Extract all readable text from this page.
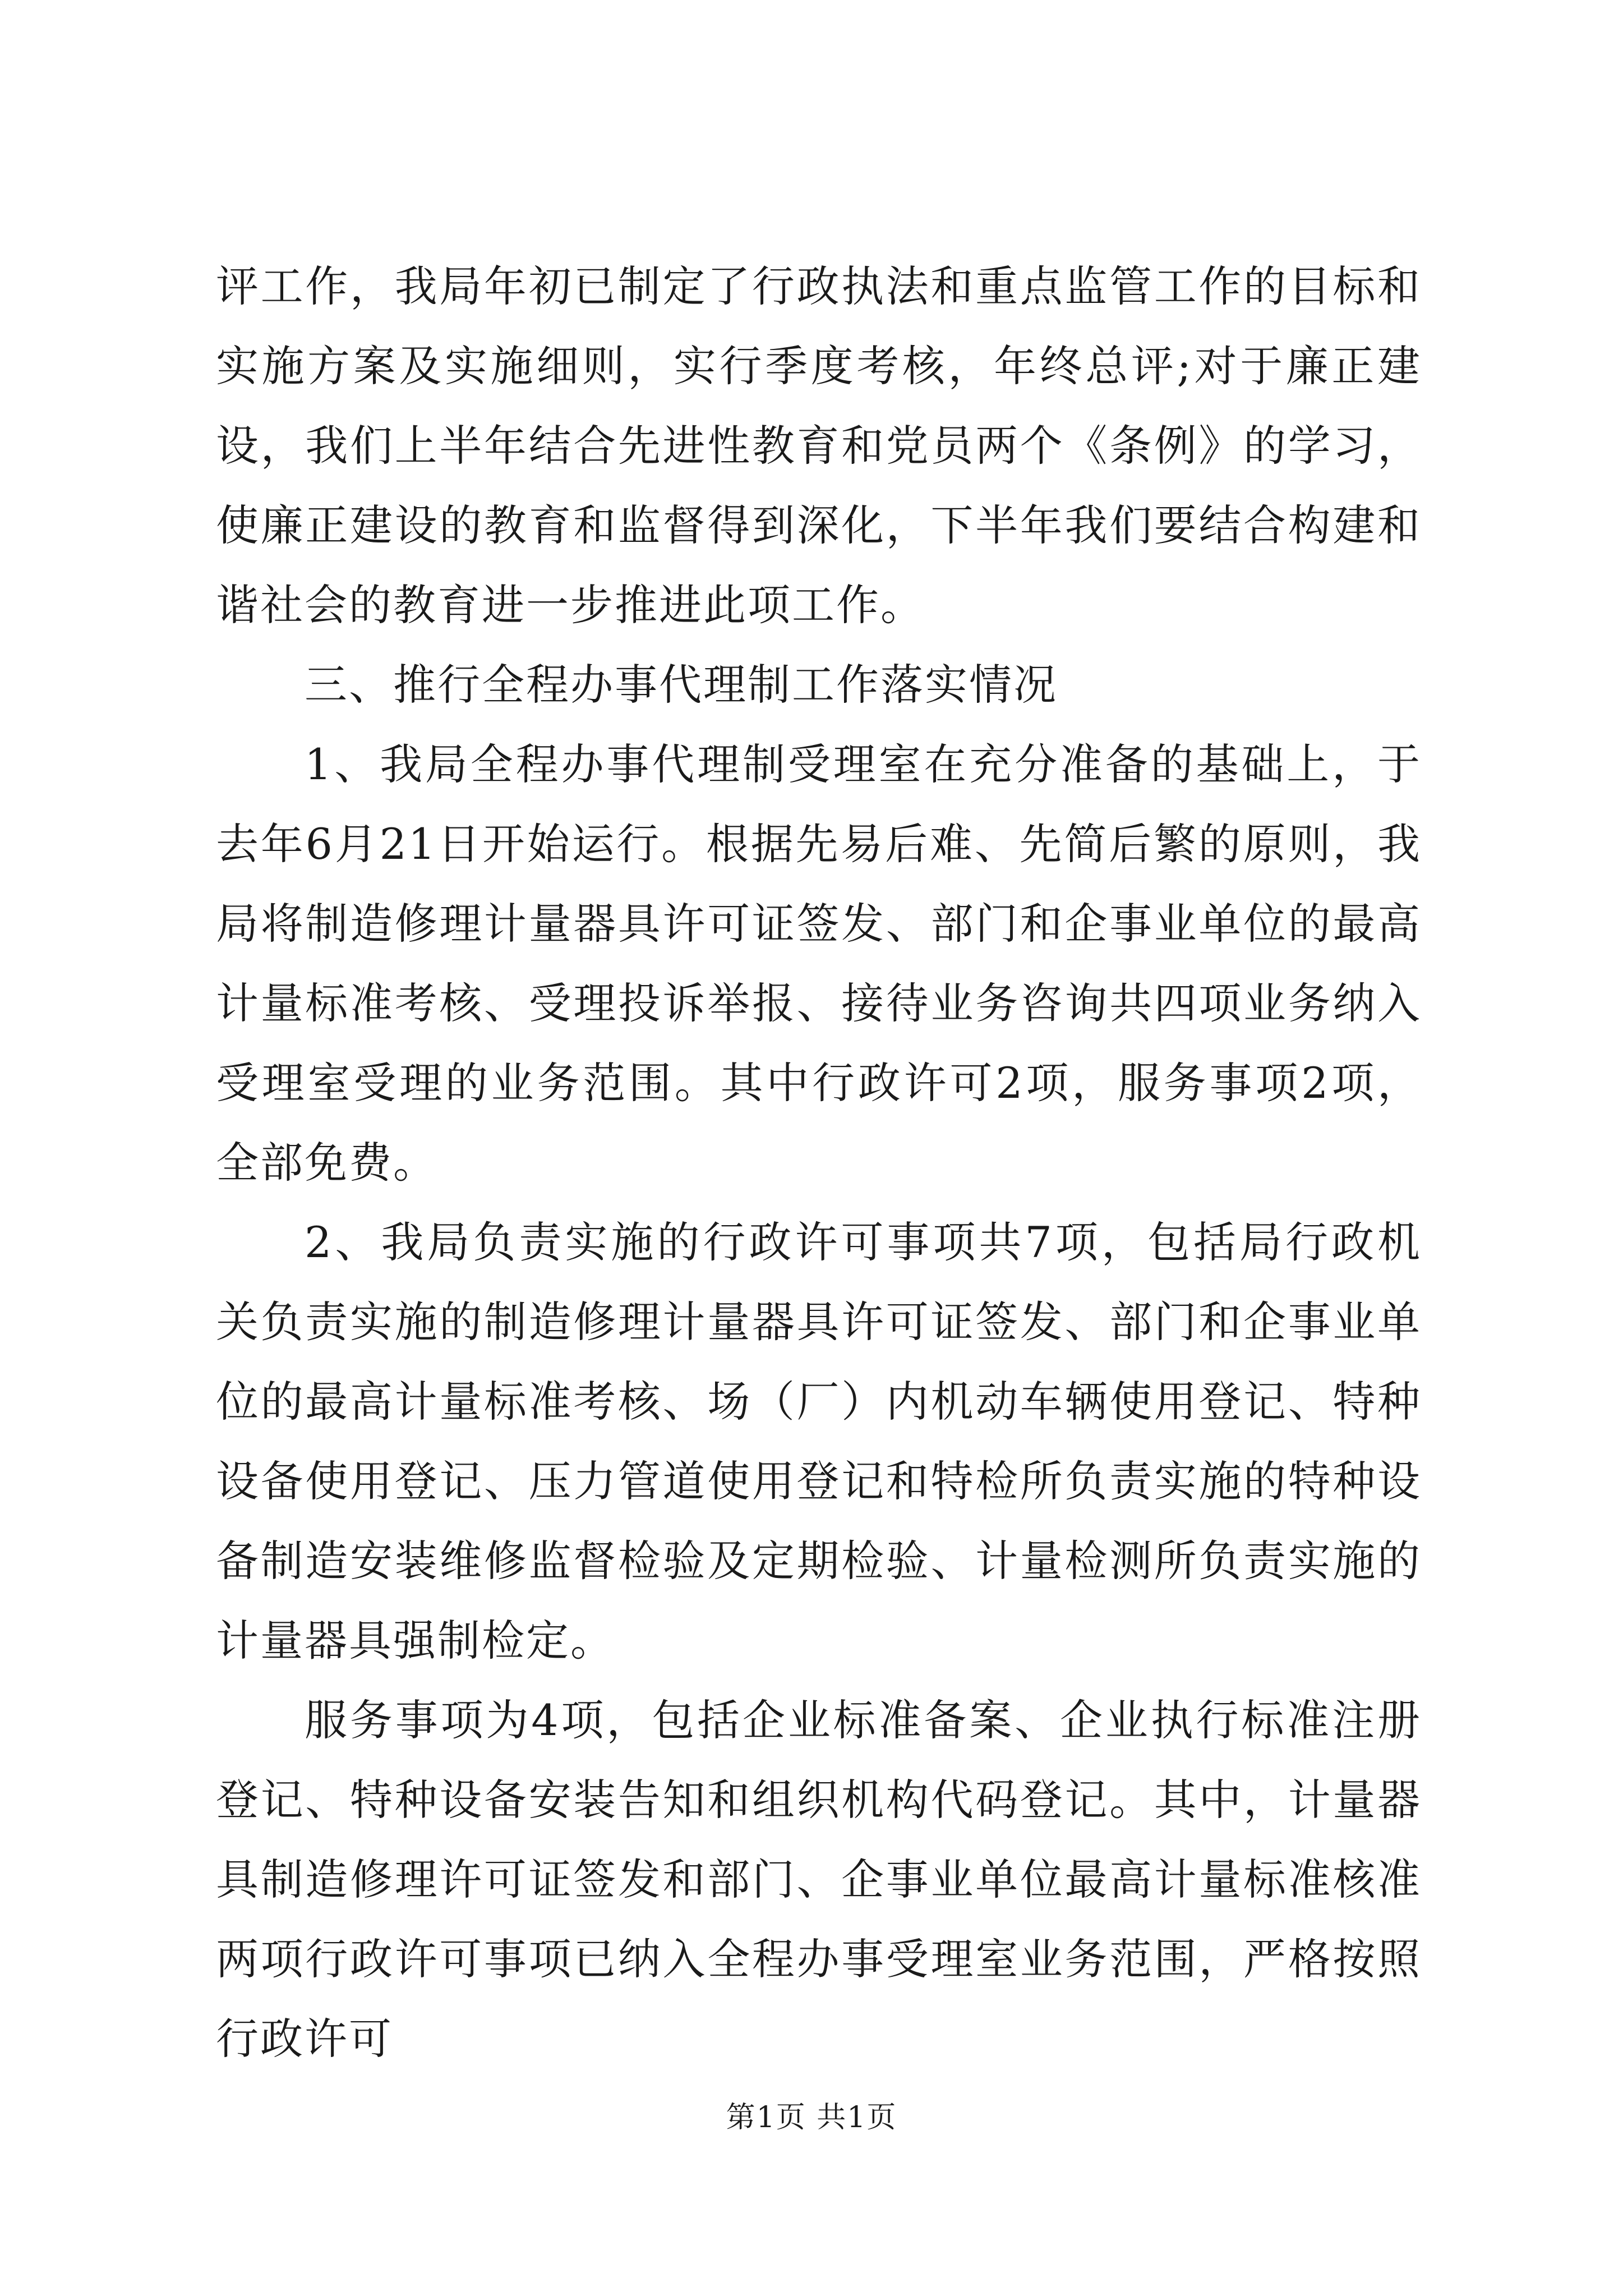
评工作，我局年初已制定了行政执法和重点监管工作的目标和实施方案及实施细则，实行季度考核，年终总评;对于廉正建设，我们上半年结合先进性教育和党员两个《条例》的学习，使廉正建设的教育和监督得到深化，下半年我们要结合构建和谐社会的教育进一步推进此项工作。

三、推行全程办事代理制工作落实情况

1、我局全程办事代理制受理室在充分准备的基础上，于去年6月21日开始运行。根据先易后难、先简后繁的原则，我局将制造修理计量器具许可证签发、部门和企事业单位的最高计量标准考核、受理投诉举报、接待业务咨询共四项业务纳入受理室受理的业务范围。其中行政许可2项，服务事项2项，全部免费。

2、我局负责实施的行政许可事项共7项，包括局行政机关负责实施的制造修理计量器具许可证签发、部门和企事业单位的最高计量标准考核、场（厂）内机动车辆使用登记、特种设备使用登记、压力管道使用登记和特检所负责实施的特种设备制造安装维修监督检验及定期检验、计量检测所负责实施的计量器具强制检定。

服务事项为4项，包括企业标准备案、企业执行标准注册登记、特种设备安装告知和组织机构代码登记。其中，计量器具制造修理许可证签发和部门、企事业单位最高计量标准核准两项行政许可事项已纳入全程办事受理室业务范围，严格按照行政许可

第1页 共1页
